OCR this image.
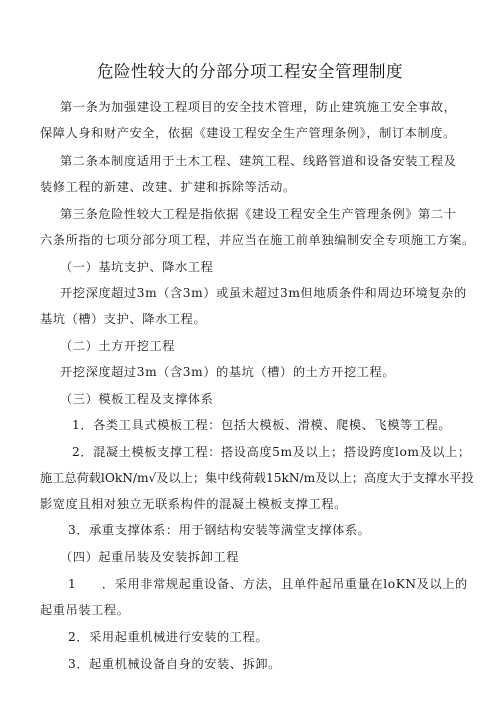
危险性较大的分部分项工程安全管理制度
第一条为加强建设工程项目的安全技术管理，防止建筑施工安全事故，
保障人身和财产安全，依据《建设工程安全生产管理条例》，制订本制度。
第二条本制度适用于土木工程、建筑工程、线路管道和设备安装工程及
装修工程的新建、改建、扩建和拆除等活动。
第三条危险性较大工程是指依据《建设工程安全生产管理条例》第二十
六条所指的七项分部分项工程，并应当在施工前单独编制安全专项施工方案。
（一）基坑支护、降水工程
开挖深度超过3m（含3m）或虽未超过3m但地质条件和周边环境复杂的
基坑（槽）支护、降水工程。
（二）土方开挖工程
开挖深度超过3m（含3m）的基坑（槽）的土方开挖工程。
（三）模板工程及支撑体系
1．各类工具式模板工程：包括大模板、滑模、爬模、飞模等工程。
2．混凝土模板支撑工程：搭设高度5m及以上；搭设跨度lom及以上；
施工总荷载lOkN/m√及以上；集中线荷载15kN/m及以上；高度大于支撑水平投
影宽度且相对独立无联系构件的混凝土模板支撑工程。
3．承重支撑体系：用于钢结构安装等满堂支撑体系。
（四）起重吊装及安装拆卸工程
1　　．采用非常规起重设备、方法，且单件起吊重量在loKN及以上的
起重吊装工程。
2．采用起重机械进行安装的工程。
3．起重机械设备自身的安装、拆卸。
